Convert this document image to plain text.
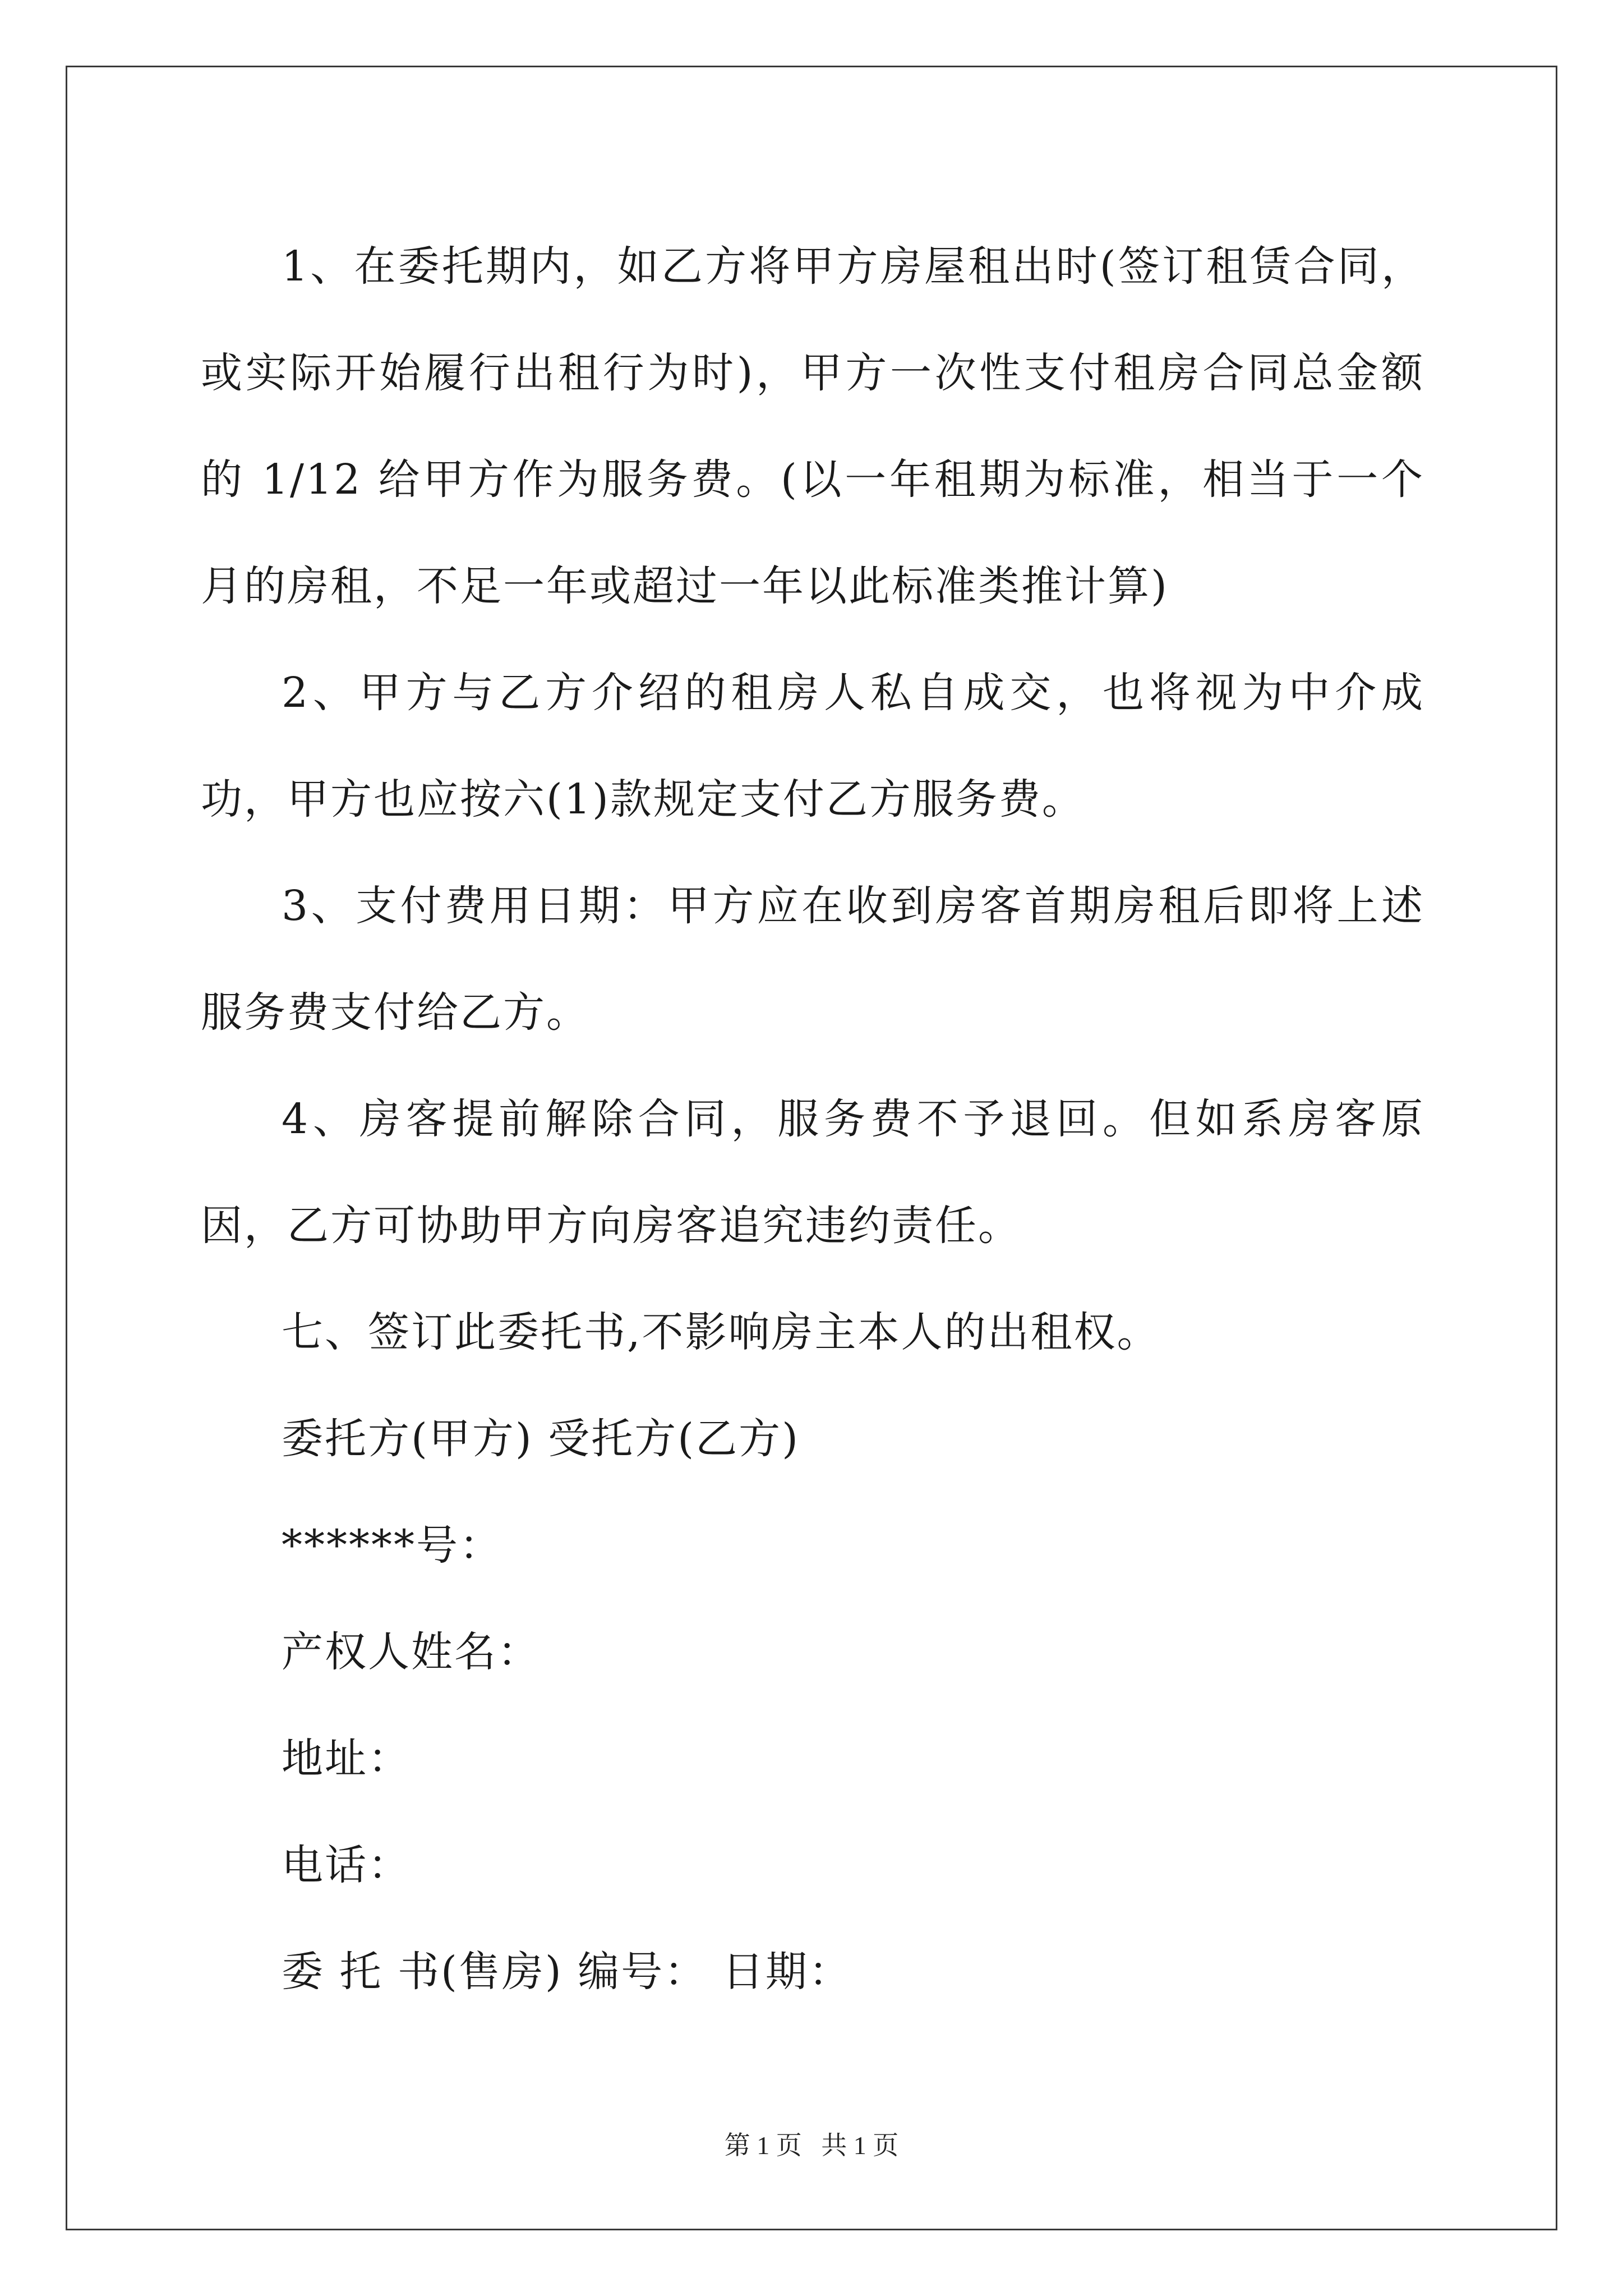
1、在委托期内，如乙方将甲方房屋租出时(签订租赁合同，或实际开始履行出租行为时)，甲方一次性支付租房合同总金额的 1/12 给甲方作为服务费。(以一年租期为标准，相当于一个月的房租，不足一年或超过一年以此标准类推计算)

2、甲方与乙方介绍的租房人私自成交，也将视为中介成功，甲方也应按六(1)款规定支付乙方服务费。

3、支付费用日期：甲方应在收到房客首期房租后即将上述服务费支付给乙方。

4、房客提前解除合同，服务费不予退回。但如系房客原因，乙方可协助甲方向房客追究违约责任。

七、签订此委托书,不影响房主本人的出租权。

委托方(甲方) 受托方(乙方)

******号：

产权人姓名：

地址：

电话：

委 托 书(售房) 编号： 日期：

第 1 页 共 1 页
